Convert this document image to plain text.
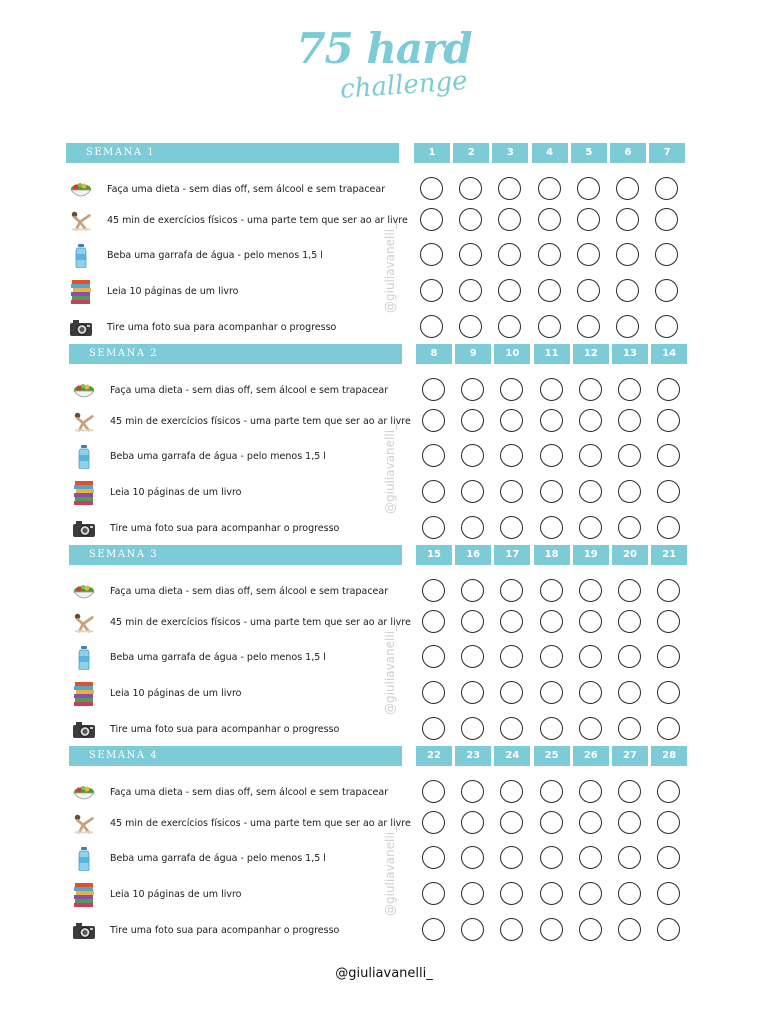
75 hard
challenge
SEMANA 1	1	2	3	4	5	6	7
Faça uma dieta - sem dias off, sem álcool e sem trapacear
45 min de exercícios físicos - uma parte tem que ser ao ar livre
Beba uma garrafa de água - pelo menos 1,5 l
Leia 10 páginas de um livro
Tire uma foto sua para acompanhar o progresso
@giuliavanelli_
SEMANA 2	8	9	10	11	12	13	14
Faça uma dieta - sem dias off, sem álcool e sem trapacear
45 min de exercícios físicos - uma parte tem que ser ao ar livre
Beba uma garrafa de água - pelo menos 1,5 l
Leia 10 páginas de um livro
Tire uma foto sua para acompanhar o progresso
@giuliavanelli_
SEMANA 3	15	16	17	18	19	20	21
Faça uma dieta - sem dias off, sem álcool e sem trapacear
45 min de exercícios físicos - uma parte tem que ser ao ar livre
Beba uma garrafa de água - pelo menos 1,5 l
Leia 10 páginas de um livro
Tire uma foto sua para acompanhar o progresso
@giuliavanelli_
SEMANA 4	22	23	24	25	26	27	28
Faça uma dieta - sem dias off, sem álcool e sem trapacear
45 min de exercícios físicos - uma parte tem que ser ao ar livre
Beba uma garrafa de água - pelo menos 1,5 l
Leia 10 páginas de um livro
Tire uma foto sua para acompanhar o progresso
@giuliavanelli_
@giuliavanelli_
